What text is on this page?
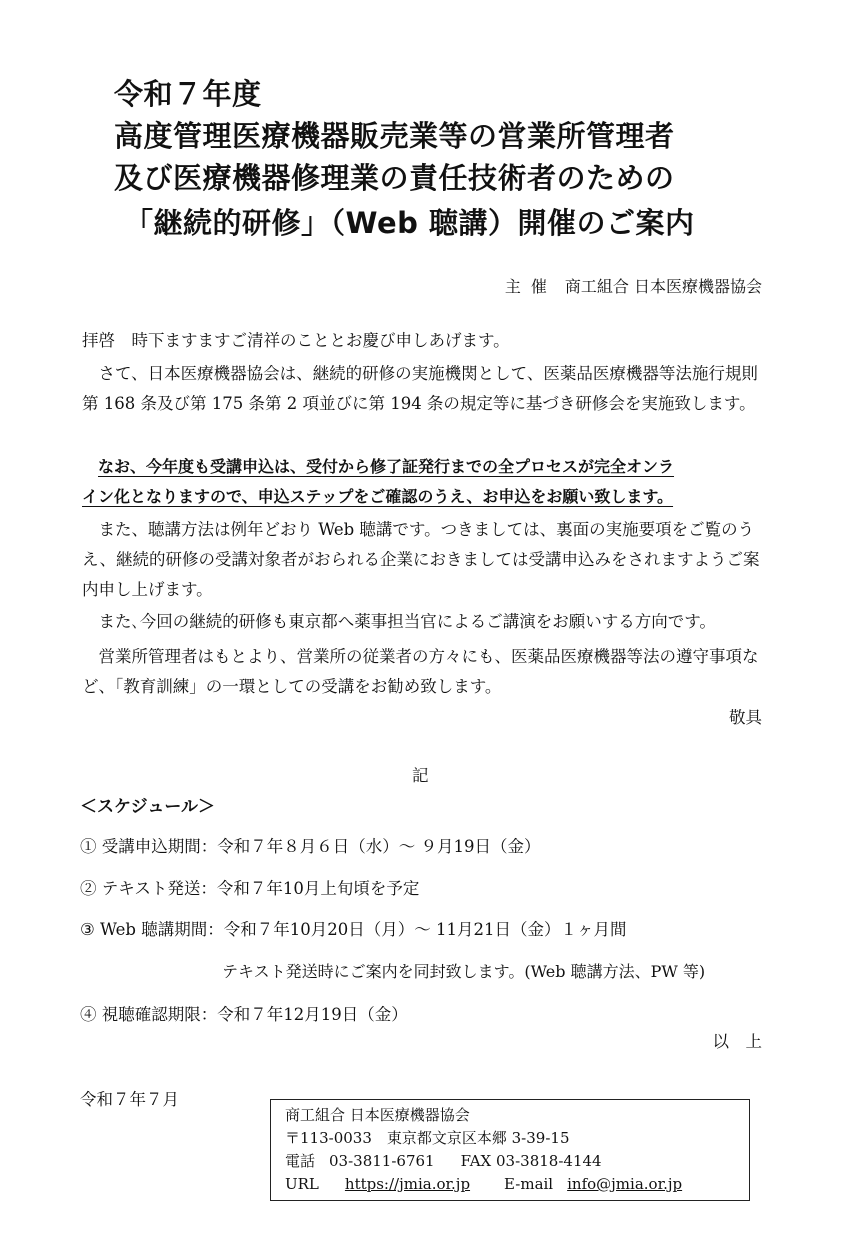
令和７年度
高度管理医療機器販売業等の営業所管理者
及び医療機器修理業の責任技術者のための
「継続的研修」（Web 聴講）開催のご案内
主催 商工組合 日本医療機器協会
拝啓　時下ますますご清祥のこととお慶び申しあげます。
さて、日本医療機器協会は、継続的研修の実施機関として、医薬品医療機器等法施行規則第 168 条及び第 175 条第 2 項並びに第 194 条の規定等に基づき研修会を実施致します。
なお、今年度も受講申込は、受付から修了証発行までの全プロセスが完全オンラ
イン化となりますので、申込ステップをご確認のうえ、お申込をお願い致します。
また、聴講方法は例年どおり Web 聴講です。つきましては、裏面の実施要項をご覧のうえ、継続的研修の受講対象者がおられる企業におきましては受講申込みをされますようご案内申し上げます。
また､今回の継続的研修も東京都へ薬事担当官によるご講演をお願いする方向です。
営業所管理者はもとより、営業所の従業者の方々にも、医薬品医療機器等法の遵守事項など、「教育訓練」の一環としての受講をお勧め致します。
敬具
記
＜スケジュール＞
① 受講申込期間：令和７年８月６日（水）～ ９月19日（金）
② テキスト発送：令和７年10月上旬頃を予定
③ Web 聴講期間：令和７年10月20日（月）～ 11月21日（金）１ヶ月間
テキスト発送時にご案内を同封致します。(Web 聴講方法、PW 等)
④ 視聴確認期限：令和７年12月19日（金）
以　上
令和７年７月
商工組合 日本医療機器協会
〒113-0033　東京都文京区本郷 3-39-15
電話 03-3811-6761 FAX 03-3818-4144
URL https://jmia.or.jp E-mail info@jmia.or.jp
